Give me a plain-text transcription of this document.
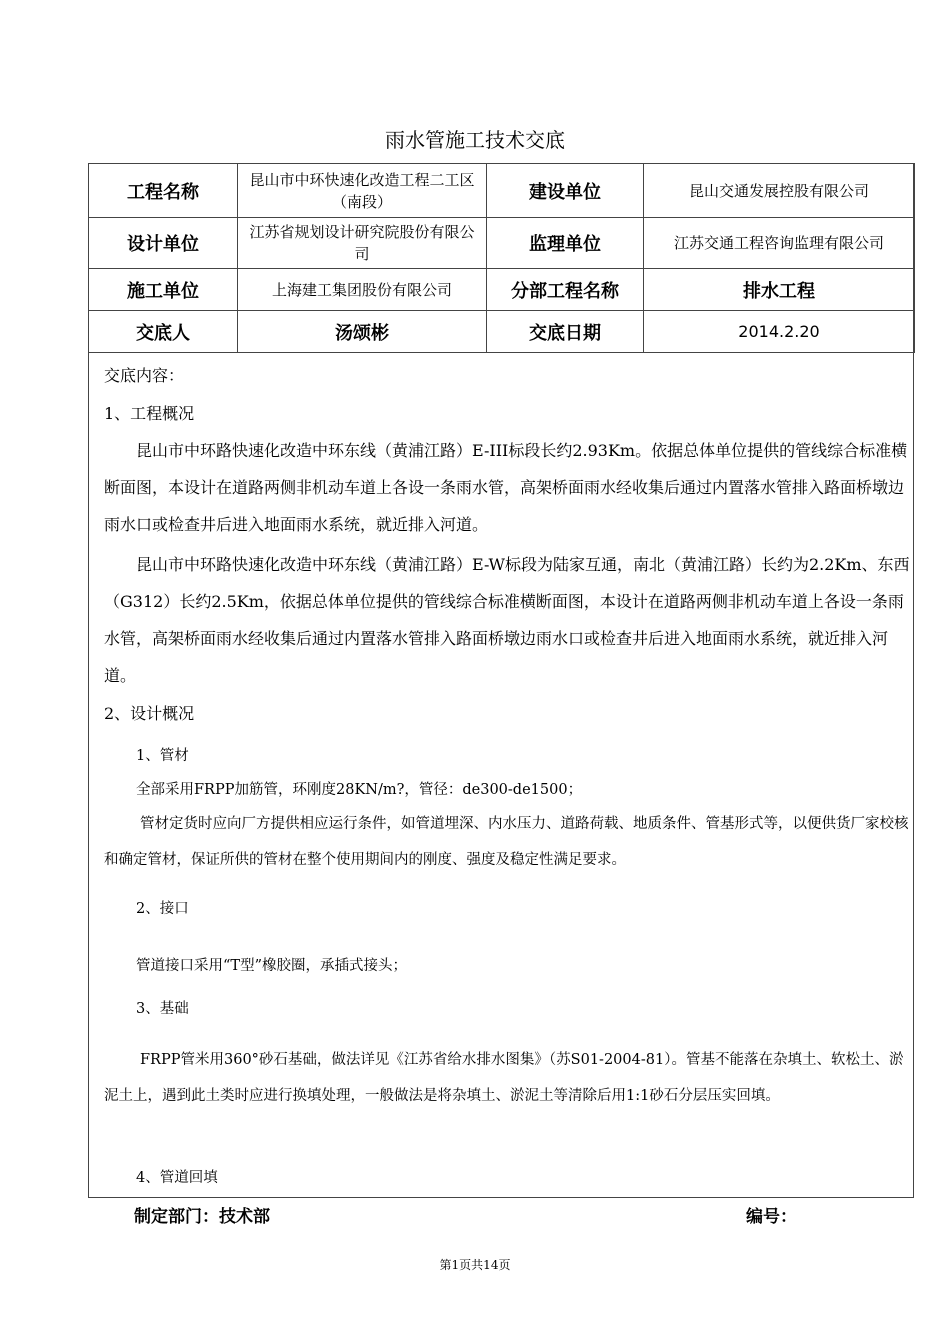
雨水管施工技术交底
工程名称	昆山市中环快速化改造工程二工区（南段）	建设单位	昆山交通发展控股有限公司
设计单位	江苏省规划设计研究院股份有限公司	监理单位	江苏交通工程咨询监理有限公司
施工单位	上海建工集团股份有限公司	分部工程名称	排水工程
交底人	汤颂彬	交底日期	2014.2.20
交底内容：
1、工程概况
昆山市中环路快速化改造中环东线（黄浦江路）E-III标段长约2.93Km。依据总体单位提供的管线综合标准横断面图，本设计在道路两侧非机动车道上各设一条雨水管，高架桥面雨水经收集后通过内置落水管排入路面桥墩边雨水口或检查井后进入地面雨水系统，就近排入河道。
昆山市中环路快速化改造中环东线（黄浦江路）E-W标段为陆家互通，南北（黄浦江路）长约为2.2Km、东西（G312）长约2.5Km，依据总体单位提供的管线综合标准横断面图，本设计在道路两侧非机动车道上各设一条雨水管，高架桥面雨水经收集后通过内置落水管排入路面桥墩边雨水口或检查井后进入地面雨水系统，就近排入河道。
2、设计概况
1、管材
全部采用FRPP加筋管，环刚度28KN/m?，管径：de300-de1500；
管材定货时应向厂方提供相应运行条件，如管道埋深、内水压力、道路荷载、地质条件、管基形式等，以便供货厂家校核和确定管材，保证所供的管材在整个使用期间内的刚度、强度及稳定性满足要求。
2、接口
管道接口采用“T型”橡胶圈，承插式接头；
3、基础
FRPP管米用360°砂石基础，做法详见《江苏省给水排水图集》（苏S01-2004-81）。管基不能落在杂填土、软松土、淤泥土上，遇到此土类时应进行换填处理，一般做法是将杂填土、淤泥土等清除后用1:1砂石分层压实回填。
4、管道回填
制定部门：技术部	编号：
第1页共14页
